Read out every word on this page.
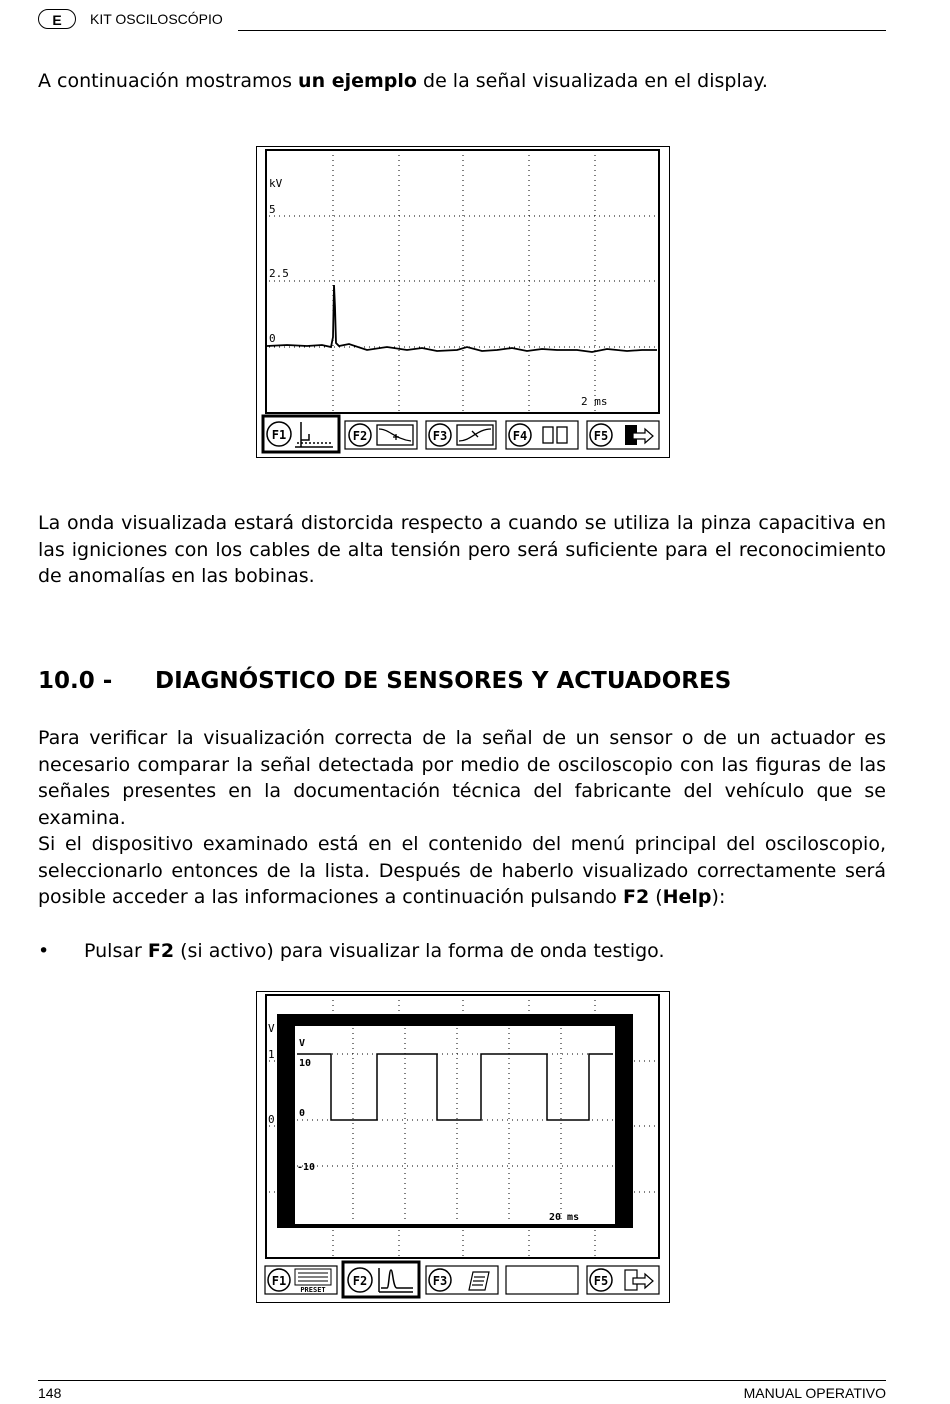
E	KIT OSCILOSCÓPIO

A continuación mostramos un ejemplo de la señal visualizada en el display.

kV
5
2.5
0
2 ms
F1	F2	F3	F4	F5

La onda visualizada estará distorcida respecto a cuando se utiliza la pinza capacitiva en las igniciones con los cables de alta tensión pero será suficiente para el reconocimiento de anomalías en las bobinas.

10.0 - DIAGNÓSTICO DE SENSORES Y ACTUADORES

Para verificar la visualización correcta de la señal de un sensor o de un actuador es necesario comparar la señal detectada por medio de osciloscopio con las figuras de las señales presentes en la documentación técnica del fabricante del vehículo que se examina.

Si el dispositivo examinado está en el contenido del menú principal del osciloscopio, seleccionarlo entonces de la lista. Después de haberlo visualizado correctamente será posible acceder a las informaciones a continuación pulsando F2 (Help):

• Pulsar F2 (si activo) para visualizar la forma de onda testigo.
V
1
0
V
10
0
-10
20 ms
F1
PRESET
F2	F3	F5
148	MANUAL OPERATIVO
